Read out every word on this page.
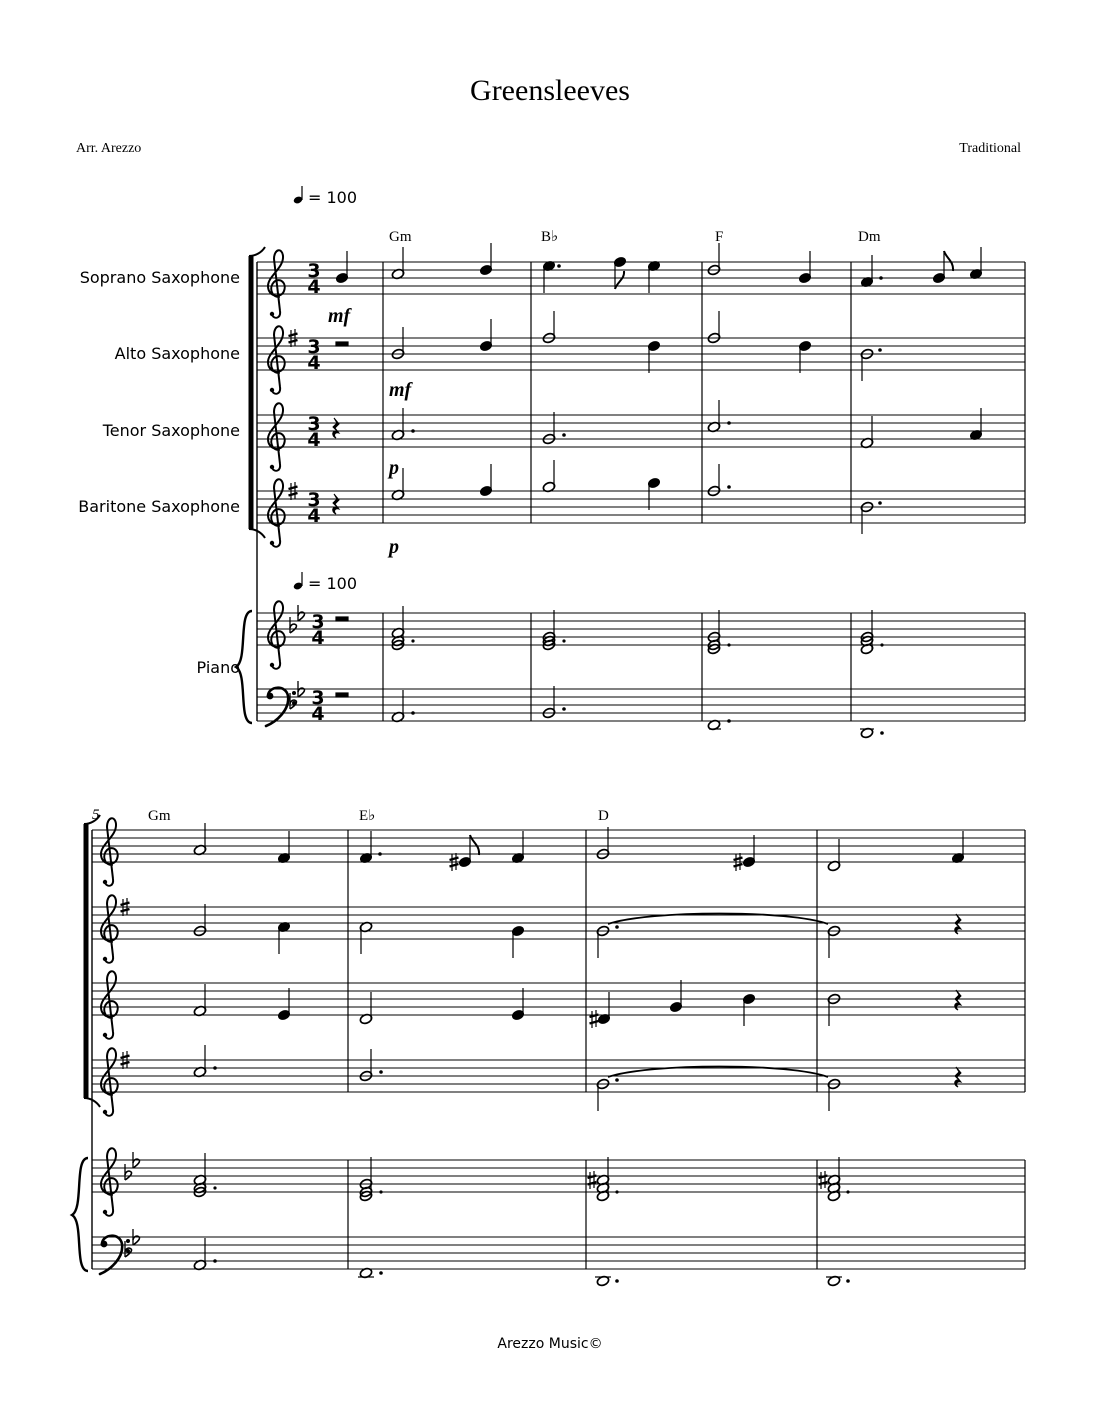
Greensleeves
Arr. Arezzo	Traditional
= 100
Gm	B♭	F	Dm
Soprano Saxophone
Alto Saxophone
Tenor Saxophone
Baritone Saxophone
Piano
3
4
3
4
3
4
3
4
3
4
3
4
mf
mf
p
p
= 100
5	Gm	E♭	D
Arezzo Music©
